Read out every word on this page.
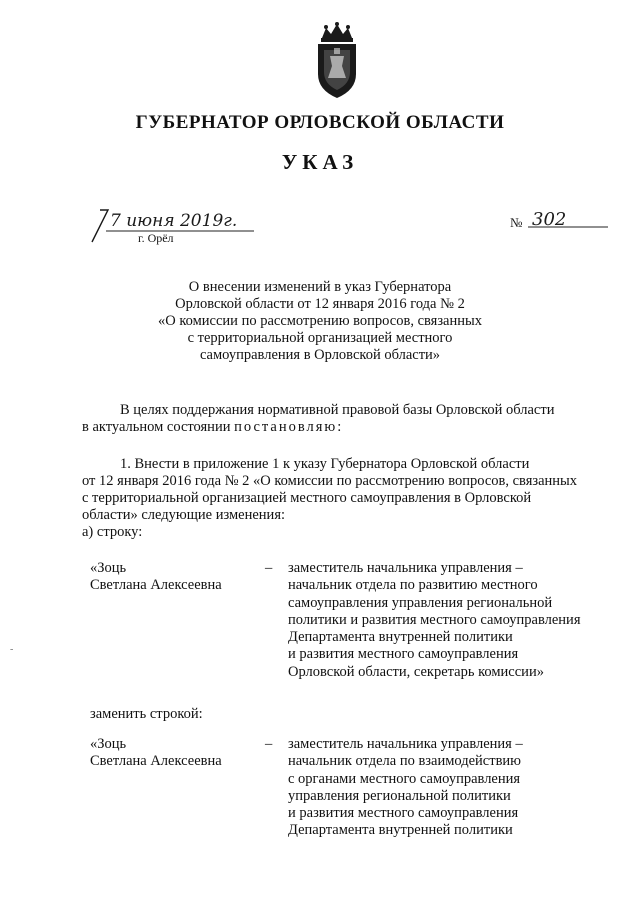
ГУБЕРНАТОР ОРЛОВСКОЙ ОБЛАСТИ
УКАЗ
7 июня 2019г.
г. Орёл
№ 302
О внесении изменений в указ Губернатора
Орловской области от 12 января 2016 года № 2
«О комиссии по рассмотрению вопросов, связанных
с территориальной организацией местного
самоуправления в Орловской области»
В целях поддержания нормативной правовой базы Орловской области
в актуальном состоянии постановляю:
1. Внести в приложение 1 к указу Губернатора Орловской области
от 12 января 2016 года № 2 «О комиссии по рассмотрению вопросов, связанных
с территориальной организацией местного самоуправления в Орловской
области» следующие изменения:
а) строку:
«Зоць
Светлана Алексеевна
– заместитель начальника управления –
начальник отдела по развитию местного
самоуправления управления региональной
политики и развития местного самоуправления
Департамента внутренней политики
и развития местного самоуправления
Орловской области, секретарь комиссии»
-
заменить строкой:
«Зоць
Светлана Алексеевна
– заместитель начальника управления –
начальник отдела по взаимодействию
с органами местного самоуправления
управления региональной политики
и развития местного самоуправления
Департамента внутренней политики
